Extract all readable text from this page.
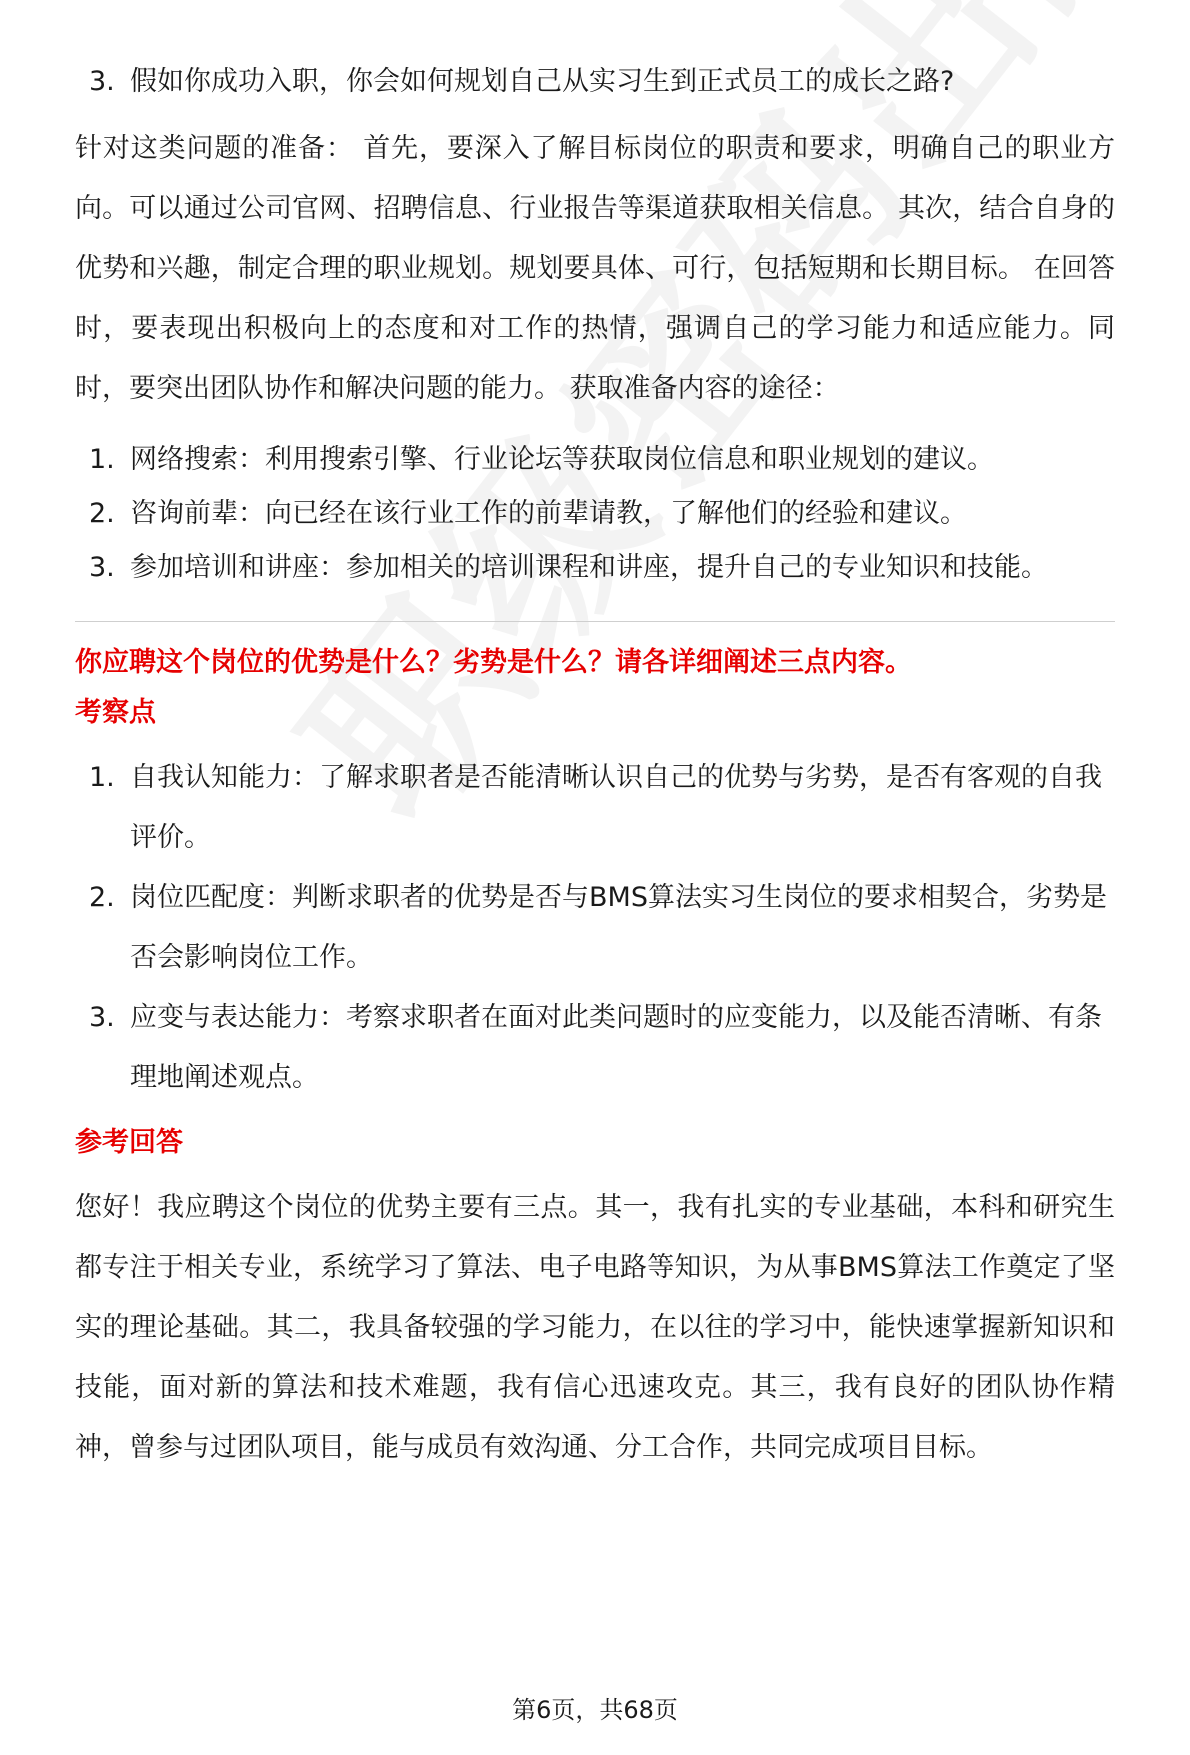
3. 假如你成功入职，你会如何规划自己从实习生到正式员工的成长之路?

针对这类问题的准备： 首先，要深入了解目标岗位的职责和要求，明确自己的职业方向。可以通过公司官网、招聘信息、行业报告等渠道获取相关信息。 其次，结合自身的优势和兴趣，制定合理的职业规划。规划要具体、可行，包括短期和长期目标。 在回答时，要表现出积极向上的态度和对工作的热情，强调自己的学习能力和适应能力。同时，要突出团队协作和解决问题的能力。 获取准备内容的途径：

1. 网络搜索：利用搜索引擎、行业论坛等获取岗位信息和职业规划的建议。
2. 咨询前辈：向已经在该行业工作的前辈请教，了解他们的经验和建议。
3. 参加培训和讲座：参加相关的培训课程和讲座，提升自己的专业知识和技能。

你应聘这个岗位的优势是什么？劣势是什么？请各详细阐述三点内容。

考察点

1. 自我认知能力：了解求职者是否能清晰认识自己的优势与劣势，是否有客观的自我评价。
2. 岗位匹配度：判断求职者的优势是否与BMS算法实习生岗位的要求相契合，劣势是否会影响岗位工作。
3. 应变与表达能力：考察求职者在面对此类问题时的应变能力，以及能否清晰、有条理地阐述观点。

参考回答

您好！我应聘这个岗位的优势主要有三点。其一，我有扎实的专业基础，本科和研究生都专注于相关专业，系统学习了算法、电子电路等知识，为从事BMS算法工作奠定了坚实的理论基础。其二，我具备较强的学习能力，在以往的学习中，能快速掌握新知识和技能，面对新的算法和技术难题，我有信心迅速攻克。其三，我有良好的团队协作精神，曾参与过团队项目，能与成员有效沟通、分工合作，共同完成项目目标。

第6页，共68页
